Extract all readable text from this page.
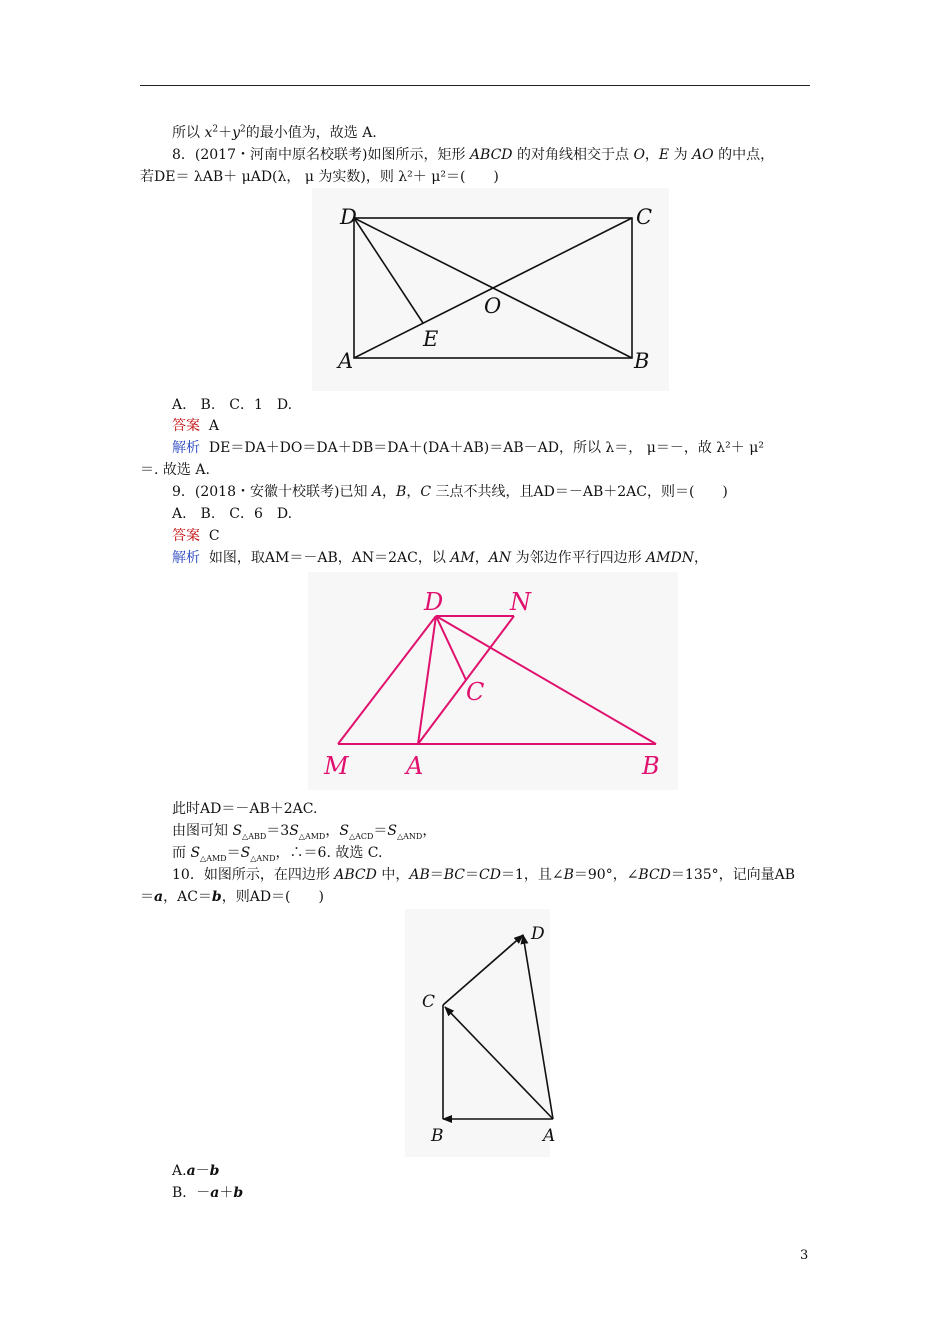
所以 $x^2+y^2$的最小值为，故选 A.
8．(2017・河南中原名校联考)如图所示，矩形 ABCD 的对角线相交于点 O，E 为 AO 的中点，
若DE＝ λAB＋ μAD(λ， μ 为实数)，则 λ²＋ μ²＝(　　)
D	C
O
E
A	B
A.　B.　C．1　D.
答案 A
解析 DE＝DA＋DO＝DA＋DB＝DA＋(DA＋AB)＝AB－AD，所以 λ＝， μ＝－，故 λ²＋ μ²
＝. 故选 A.
9．(2018・安徽十校联考)已知 A，B，C 三点不共线，且AD＝－AB＋2AC，则＝(　　)
A.　B.　C．6　D.
答案 C
解析 如图，取AM＝－AB，AN＝2AC，以 AM，AN 为邻边作平行四边形 AMDN，
D	N
C
M A	B
此时AD＝－AB＋2AC.
由图可知 $S_{\triangle ABD}=3S_{\triangle AMD}$，$S_{\triangle ACD}=S_{\triangle AND}$，
而 $S_{\triangle AMD}=S_{\triangle AND}$，∴＝6. 故选 C.
10．如图所示，在四边形 ABCD 中，AB＝BC＝CD＝1，且∠B＝90°，∠BCD＝135°，记向量AB
＝a，AC＝b，则AD＝(　　)
D
C
B	A
A.a－b
B．－a＋b
3
